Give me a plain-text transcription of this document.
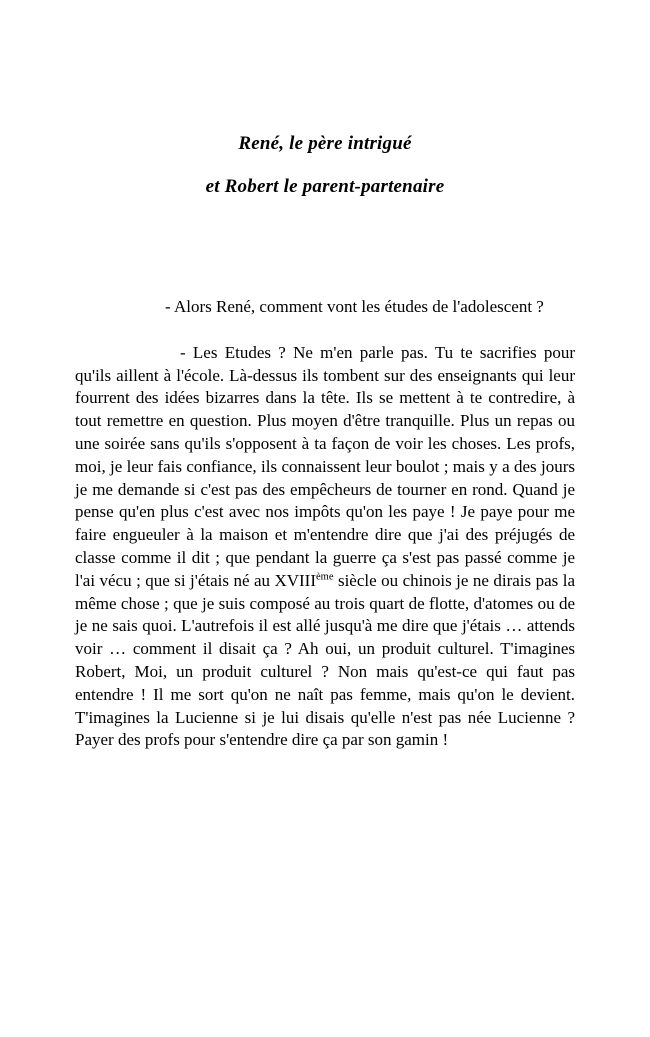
René, le père intrigué
et Robert le parent-partenaire

- Alors René, comment vont les études de l'adolescent ?

- Les Etudes ? Ne m'en parle pas. Tu te sacrifies pour qu'ils aillent à l'école. Là-dessus ils tombent sur des enseignants qui leur fourrent des idées bizarres dans la tête. Ils se mettent à te contredire, à tout remettre en question. Plus moyen d'être tranquille. Plus un repas ou une soirée sans qu'ils s'opposent à ta façon de voir les choses. Les profs, moi, je leur fais confiance, ils connaissent leur boulot ; mais y a des jours je me demande si c'est pas des empêcheurs de tourner en rond. Quand je pense qu'en plus c'est avec nos impôts qu'on les paye ! Je paye pour me faire engueuler à la maison et m'entendre dire que j'ai des préjugés de classe comme il dit ; que pendant la guerre ça s'est pas passé comme je l'ai vécu ; que si j'étais né au XVIIIème siècle ou chinois je ne dirais pas la même chose ; que je suis composé au trois quart de flotte, d'atomes ou de je ne sais quoi. L'autrefois il est allé jusqu'à me dire que j'étais … attends voir … comment il disait ça ? Ah oui, un produit culturel. T'imagines Robert, Moi, un produit culturel ? Non mais qu'est-ce qui faut pas entendre ! Il me sort qu'on ne naît pas femme, mais qu'on le devient. T'imagines la Lucienne si je lui disais qu'elle n'est pas née Lucienne ? Payer des profs pour s'entendre dire ça par son gamin !
